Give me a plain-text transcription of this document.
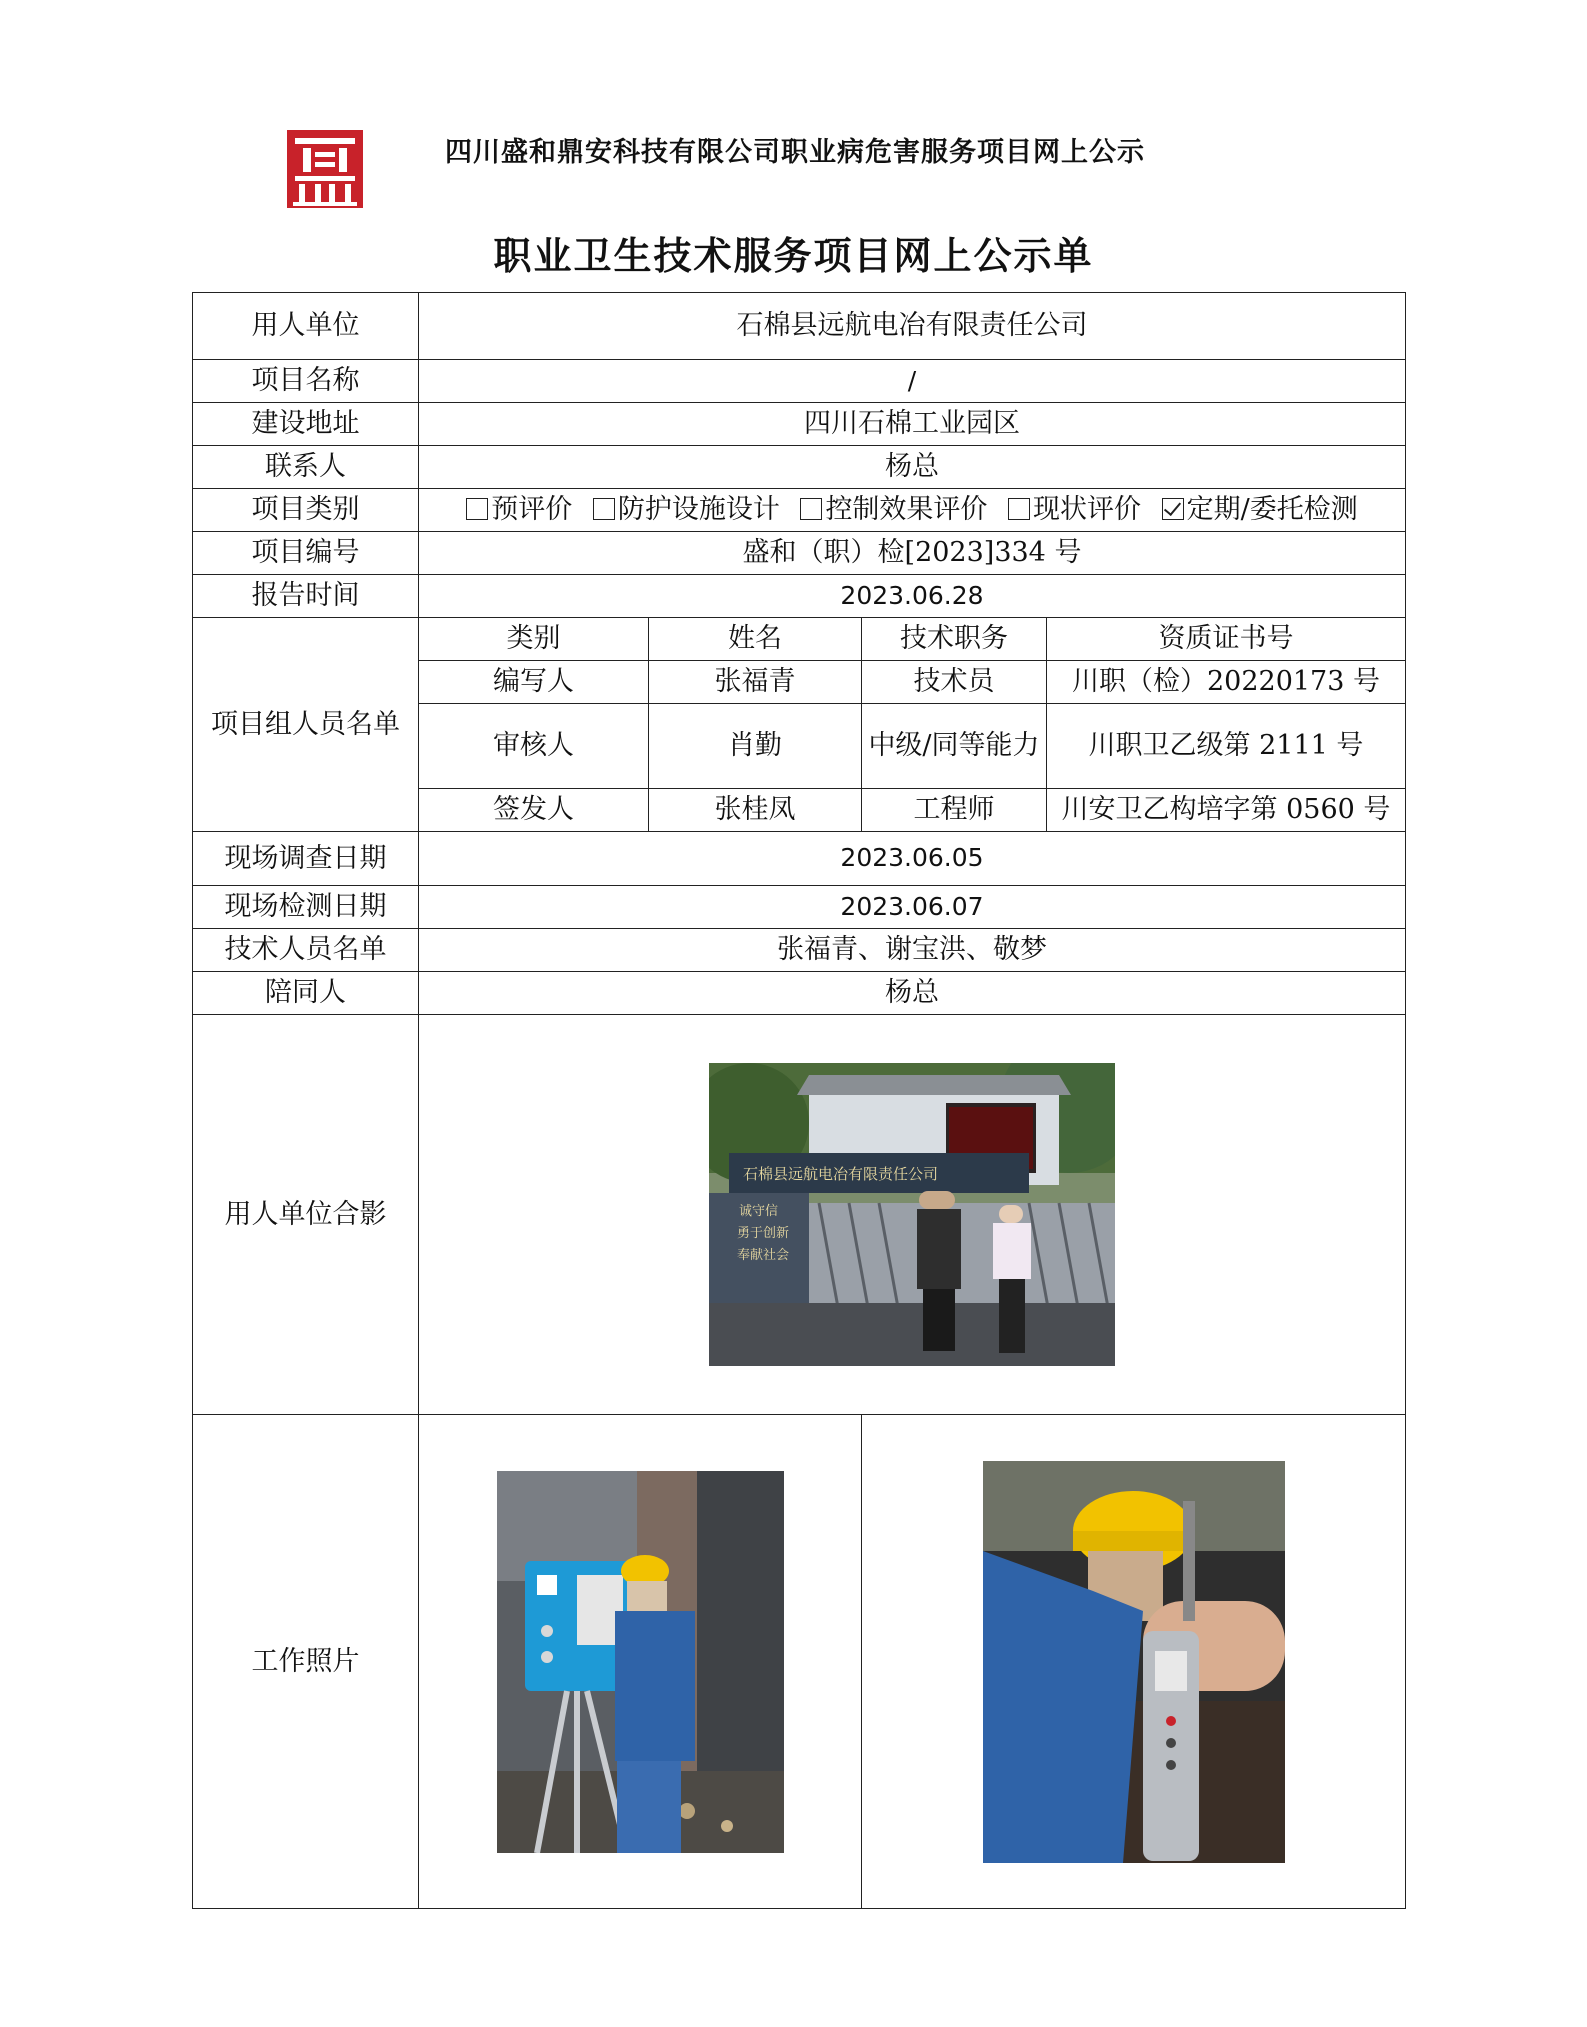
四川盛和鼎安科技有限公司职业病危害服务项目网上公示
职业卫生技术服务项目网上公示单
用人单位	石棉县远航电冶有限责任公司			
项目名称	/			
建设地址	四川石棉工业园区			
联系人	杨总			
项目类别	预评价 防护设施设计 控制效果评价 现状评价 定期/委托检测			
项目编号	盛和（职）检[2023]334 号			
报告时间	2023.06.28			
项目组人员名单	类别	姓名	技术职务	资质证书号
	编写人	张福青	技术员	川职（检）20220173 号
	审核人	肖勤	中级/同等能力	川职卫乙级第 2111 号
	签发人	张桂凤	工程师	川安卫乙构培字第 0560 号
现场调查日期	2023.06.05			
现场检测日期	2023.06.07			
技术人员名单	张福青、谢宝洪、敬梦			
陪同人	杨总			
用人单位合影	石棉县远航电冶有限责任公司
诚守信
勇于创新
奉献社会			

工作照片	
